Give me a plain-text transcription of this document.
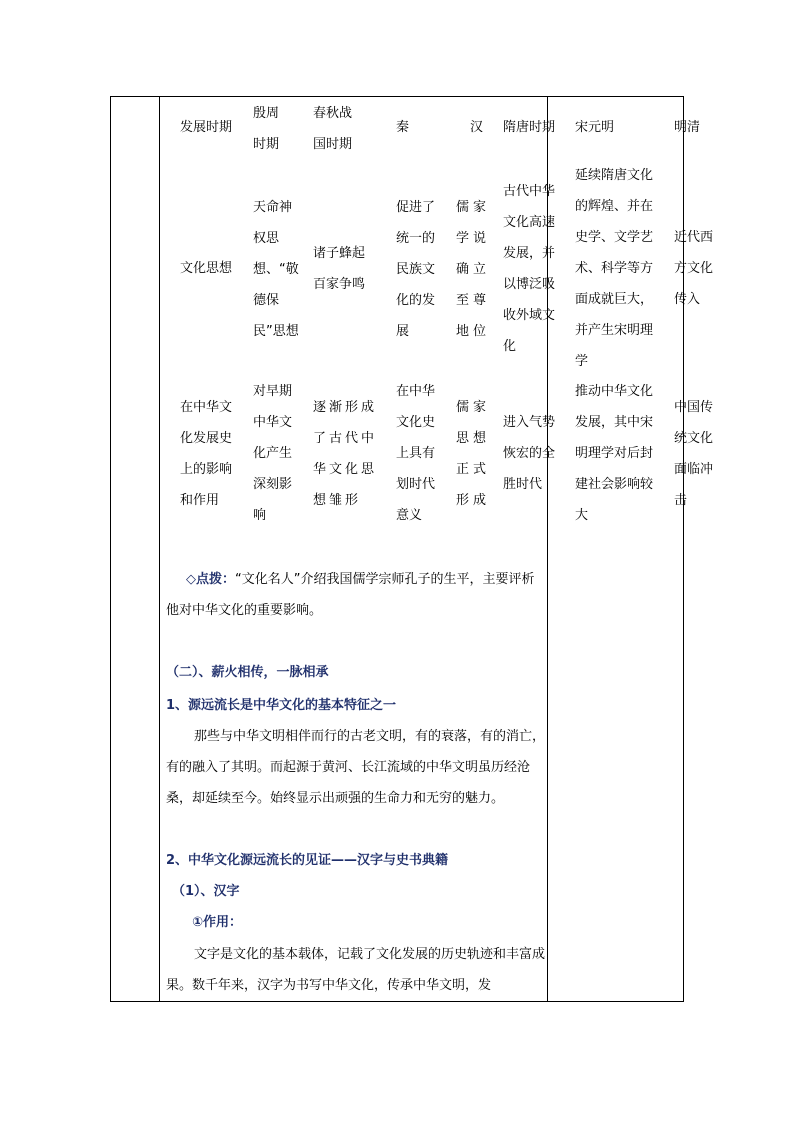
发展时期
殷周时期
春秋战国时期
秦	汉 隋唐时期 宋元明	明清
文化思想
天命神权思想、“敬德保民”思想
诸子蜂起百家争鸣
促进了统一的民族文化的发展
儒家学说确立至尊地位
古代中华文化高速发展，并以博泛吸收外域文化
延续隋唐文化的辉煌、并在史学、文学艺术、科学等方面成就巨大，并产生宋明理学
近代西方文化传入
在中华文化发展史上的影响和作用
对早期中华文化产生深刻影响
逐渐形成了古代中华文化思想雏形
在中华文化史上具有划时代意义
儒家思想正式形成
进入气势恢宏的全胜时代
推动中华文化发展，其中宋明理学对后封建社会影响较大
中国传统文化面临冲击
◇点拨：“文化名人”介绍我国儒学宗师孔子的生平，主要评析他对中华文化的重要影响。
（二）、薪火相传，一脉相承
1、源远流长是中华文化的基本特征之一
那些与中华文明相伴而行的古老文明，有的衰落，有的消亡，有的融入了其明。而起源于黄河、长江流域的中华文明虽历经沧桑，却延续至今。始终显示出顽强的生命力和无穷的魅力。
2、中华文化源远流长的见证——汉字与史书典籍
（1）、汉字
①作用：
文字是文化的基本载体，记载了文化发展的历史轨迹和丰富成果。数千年来，汉字为书写中华文化，传承中华文明，发
